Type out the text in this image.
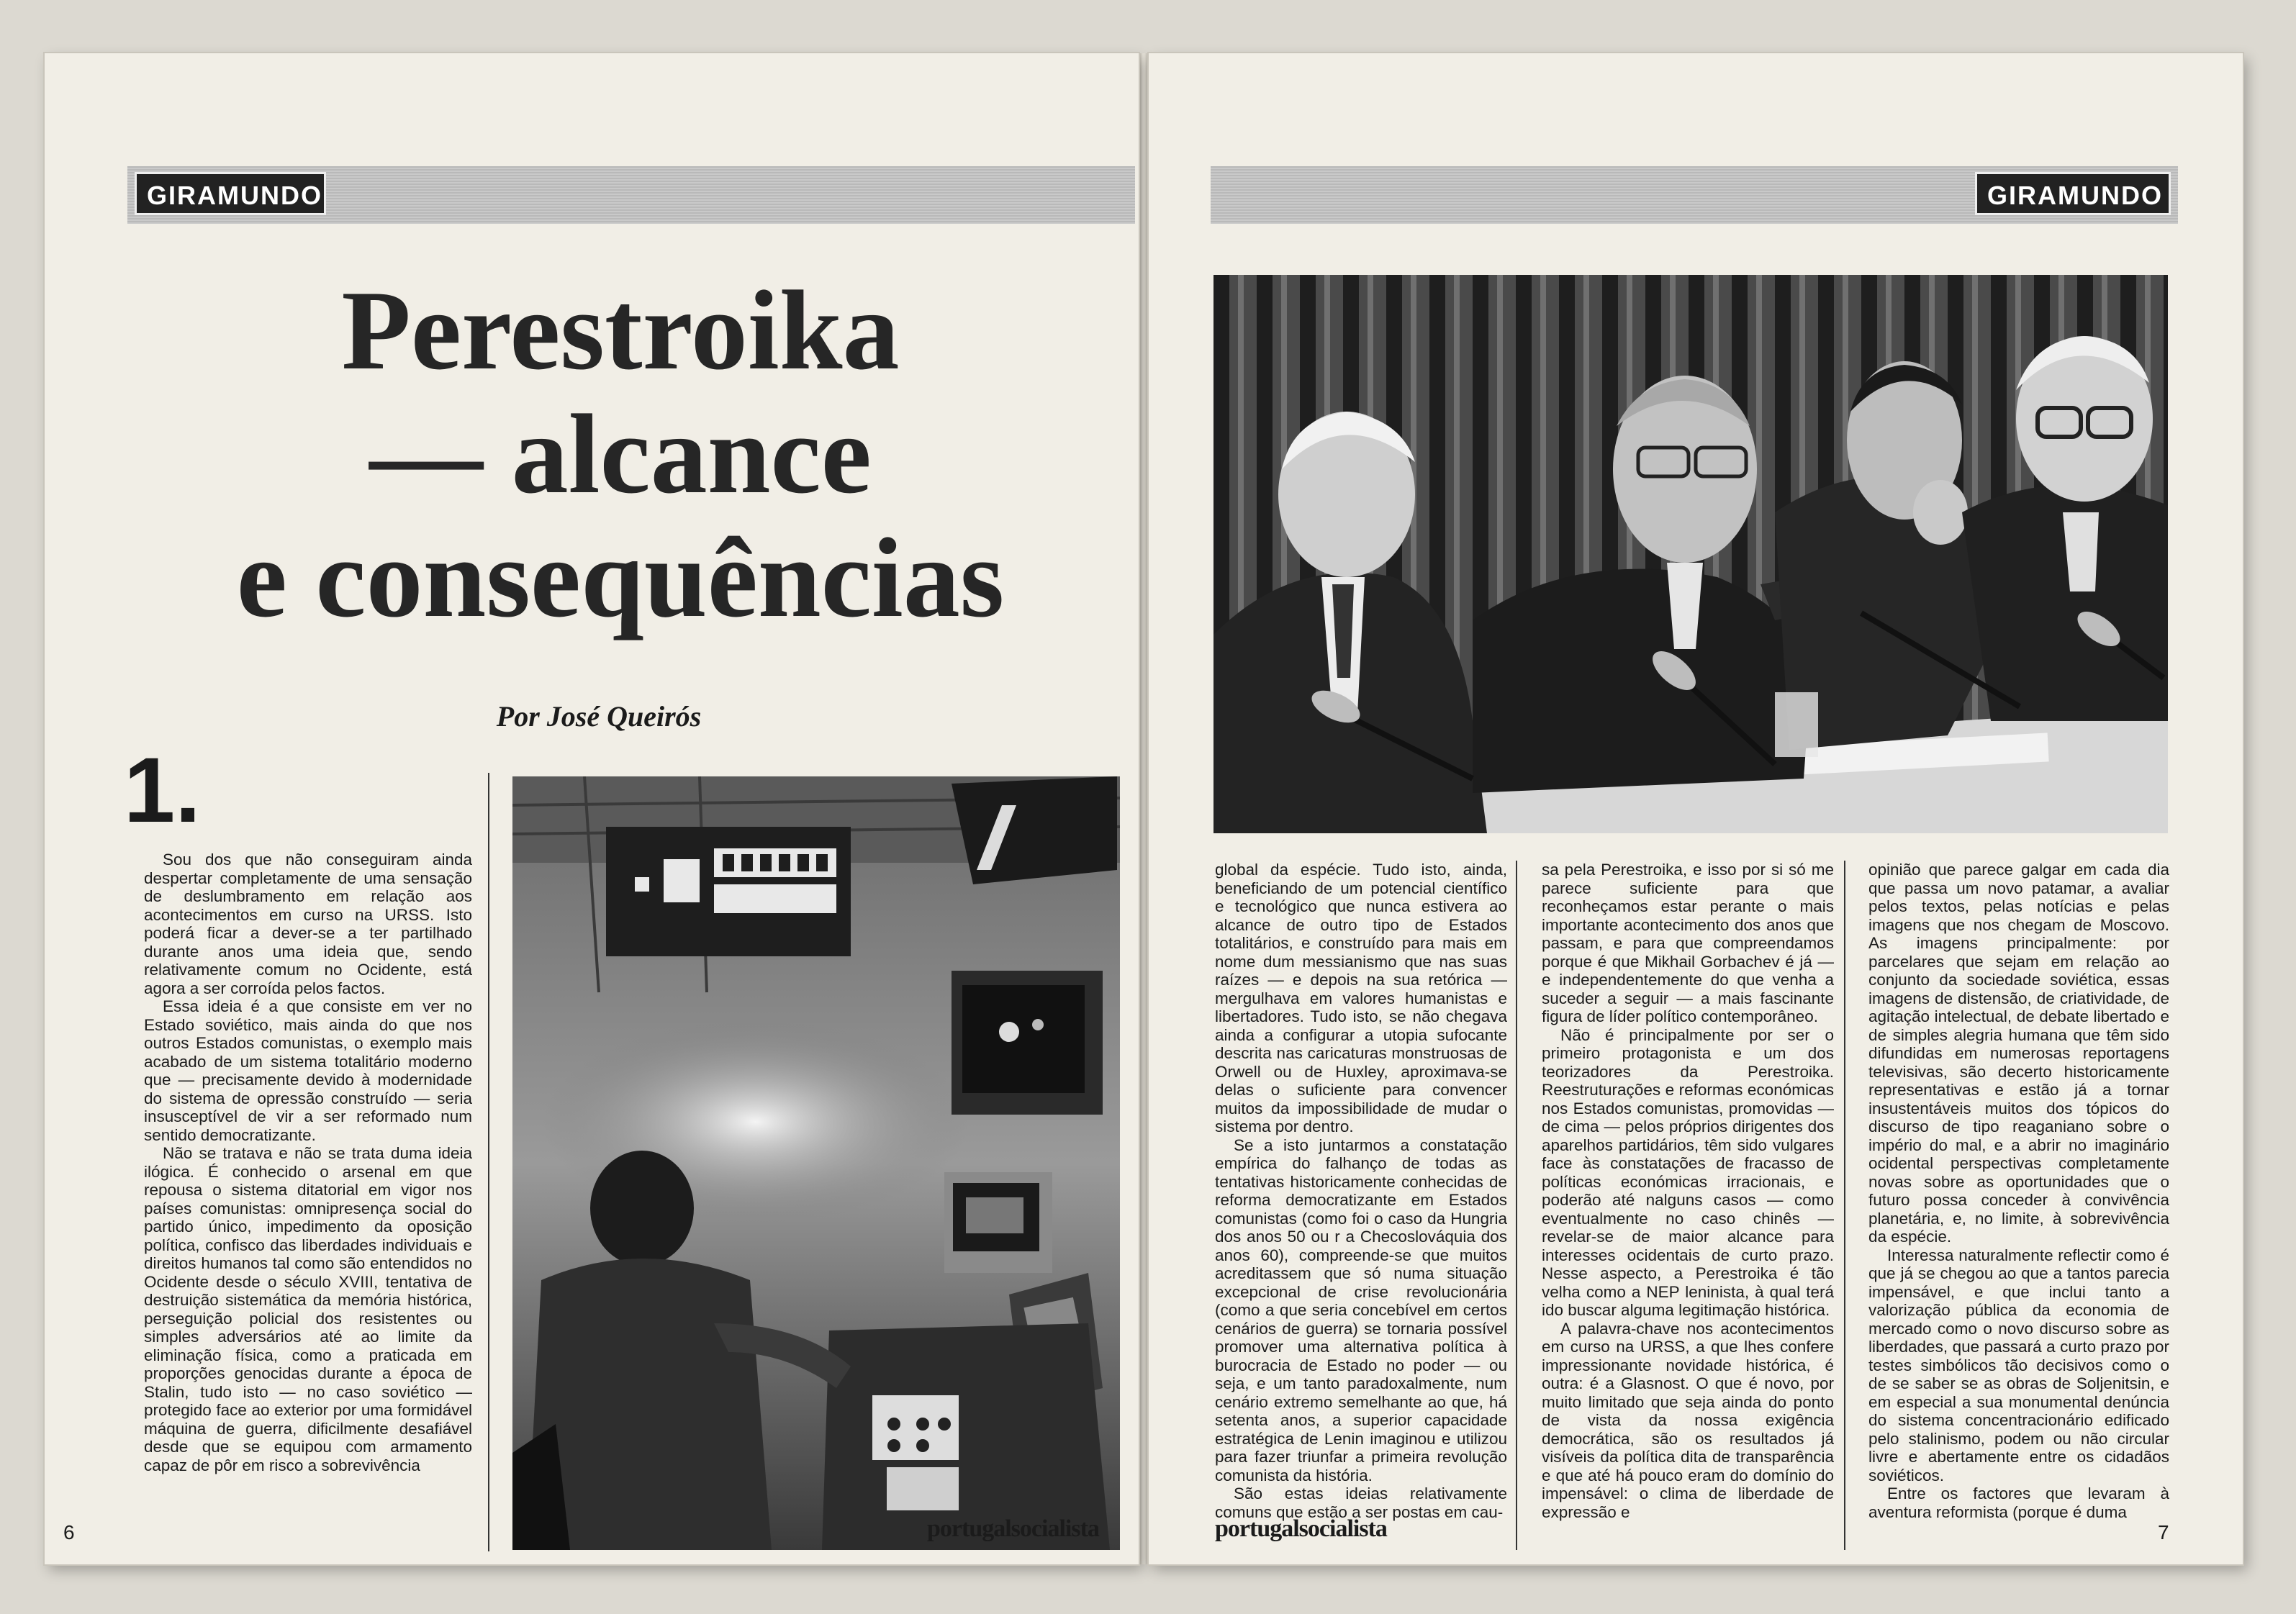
GIRAMUNDO
Perestroika
— alcance
e consequências
Por José Queirós
1.

Sou dos que não conseguiram ainda despertar completamente de uma sensação de deslumbramento em relação aos acontecimentos em curso na URSS. Isto poderá ficar a dever-se a ter partilhado durante anos uma ideia que, sendo relativamente comum no Ocidente, está agora a ser corroída pelos factos.

Essa ideia é a que consiste em ver no Estado soviético, mais ainda do que nos outros Estados comunistas, o exemplo mais acabado de um sistema totalitário moderno que — precisamente devido à modernidade do sistema de opressão construído — seria insusceptível de vir a ser reformado num sentido democratizante.

Não se tratava e não se trata duma ideia ilógica. É conhecido o arsenal em que repousa o sistema ditatorial em vigor nos países comunistas: omnipresença social do partido único, impedimento da oposição política, confisco das liberdades individuais e direitos humanos tal como são entendidos no Ocidente desde o século XVIII, tentativa de destruição sistemática da memória histórica, perseguição policial dos resistentes ou simples adversários até ao limite da eliminação física, como a praticada em proporções genocidas durante a época de Stalin, tudo isto — no caso soviético — protegido face ao exterior por uma formidável máquina de guerra, dificilmente desafiável desde que se equipou com armamento capaz de pôr em risco a sobrevivência

6	portugalsocialista
GIRAMUNDO

global da espécie. Tudo isto, ainda, beneficiando de um potencial científico e tecnológico que nunca estivera ao alcance de outro tipo de Estados totalitários, e construído para mais em nome dum messianismo que nas suas raízes — e depois na sua retórica — mergulhava em valores humanistas e libertadores. Tudo isto, se não chegava ainda a configurar a utopia sufocante descrita nas caricaturas monstruosas de Orwell ou de Huxley, aproximava-se delas o suficiente para convencer muitos da impossibilidade de mudar o sistema por dentro.

Se a isto juntarmos a constatação empírica do falhanço de todas as tentativas historicamente conhecidas de reforma democratizante em Estados comunistas (como foi o caso da Hungria dos anos 50 ou r a Checoslováquia dos anos 60), compreende-se que muitos acreditassem que só numa situação excepcional de crise revolucionária (como a que seria concebível em certos cenários de guerra) se tornaria possível promover uma alternativa política à burocracia de Estado no poder — ou seja, e um tanto paradoxalmente, num cenário extremo semelhante ao que, há setenta anos, a superior capacidade estratégica de Lenin imaginou e utilizou para fazer triunfar a primeira revolução comunista da história.

São estas ideias relativamente comuns que estão a ser postas em cau-

sa pela Perestroika, e isso por si só me parece suficiente para que reconheçamos estar perante o mais importante acontecimento dos anos que passam, e para que compreendamos porque é que Mikhail Gorbachev é já — e independentemente do que venha a suceder a seguir — a mais fascinante figura de líder político contemporâneo.

Não é principalmente por ser o primeiro protagonista e um dos teorizadores da Perestroika. Reestruturações e reformas económicas nos Estados comunistas, promovidas — de cima — pelos próprios dirigentes dos aparelhos partidários, têm sido vulgares face às constatações de fracasso de políticas económicas irracionais, e poderão até nalguns casos — como eventualmente no caso chinês — revelar-se de maior alcance para interesses ocidentais de curto prazo. Nesse aspecto, a Perestroika é tão velha como a NEP leninista, à qual terá ido buscar alguma legitimação histórica.

A palavra-chave nos acontecimentos em curso na URSS, a que lhes confere impressionante novidade histórica, é outra: é a Glasnost. O que é novo, por muito limitado que seja ainda do ponto de vista da nossa exigência democrática, são os resultados já visíveis da política dita de transparência e que até há pouco eram do domínio do impensável: o clima de liberdade de expressão e

opinião que parece galgar em cada dia que passa um novo patamar, a avaliar pelos textos, pelas notícias e pelas imagens que nos chegam de Moscovo. As imagens principalmente: por parcelares que sejam em relação ao conjunto da sociedade soviética, essas imagens de distensão, de criatividade, de agitação intelectual, de debate libertado e de simples alegria humana que têm sido difundidas em numerosas reportagens televisivas, são decerto historicamente representativas e estão já a tornar insustentáveis muitos dos tópicos do discurso de tipo reaganiano sobre o império do mal, e a abrir no imaginário ocidental perspectivas completamente novas sobre as oportunidades que o futuro possa conceder à convivência planetária, e, no limite, à sobrevivência da espécie.

Interessa naturalmente reflectir como é que já se chegou ao que a tantos parecia impensável, e que inclui tanto a valorização pública da economia de mercado como o novo discurso sobre as liberdades, que passará a curto prazo por testes simbólicos tão decisivos como o de se saber se as obras de Soljenitsin, e em especial a sua monumental denúncia do sistema concentracionário edificado pelo stalinismo, podem ou não circular livre e abertamente entre os cidadãos soviéticos.

Entre os factores que levaram à aventura reformista (porque é duma

portugalsocialista	7
